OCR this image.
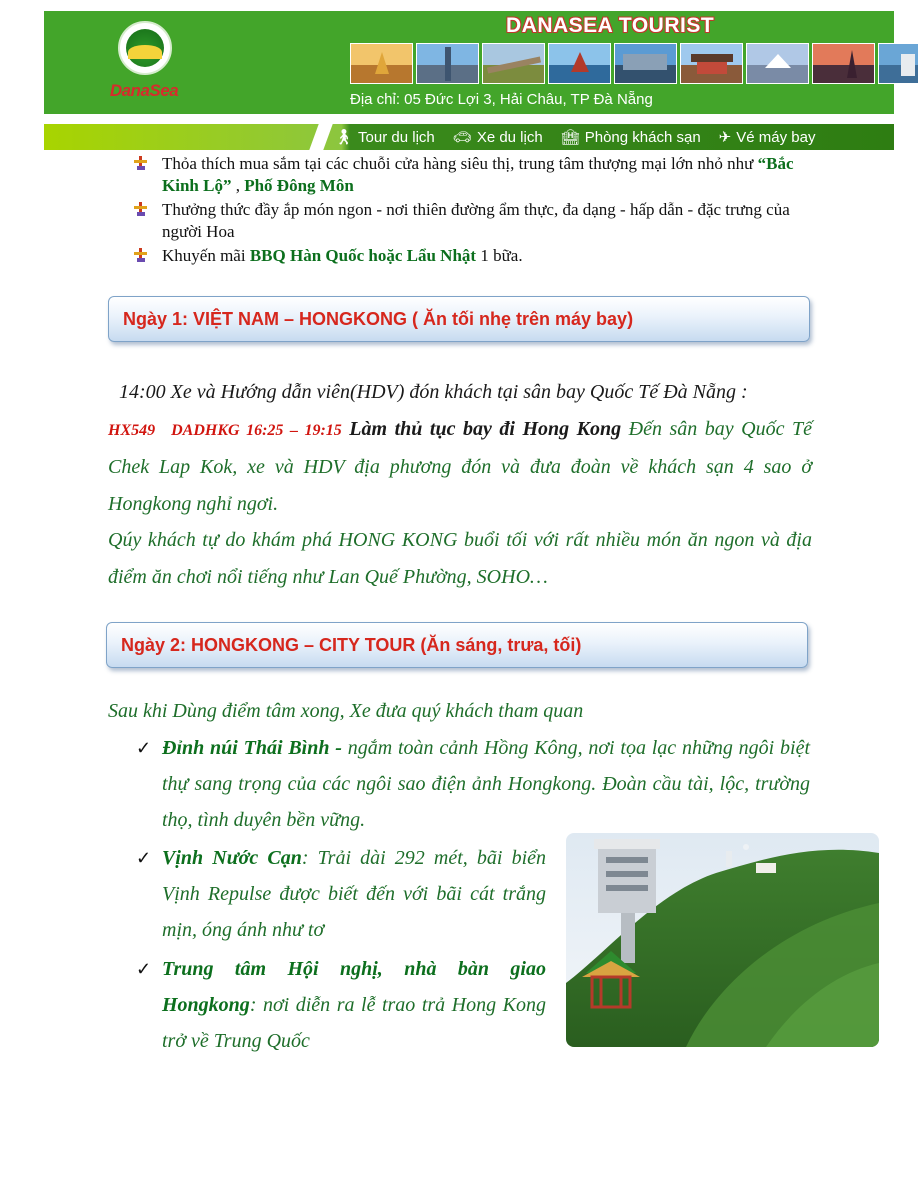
DanaSea
DANASEA TOURIST
Địa chỉ: 05 Đức Lợi 3, Hải Châu, TP Đà Nẵng
🚶︎ Tour du lịch 🚗︎ Xe du lịch 🏨︎ Phòng khách sạn ✈︎ Vé máy bay
Thỏa thích mua sắm tại các chuỗi cửa hàng siêu thị, trung tâm thượng mại lớn nhỏ như “Bắc Kinh Lộ” , Phố Đông Môn
Thưởng thức đầy ắp món ngon - nơi thiên đường ẩm thực, đa dạng - hấp dẫn - đặc trưng của người Hoa
Khuyến mãi BBQ Hàn Quốc hoặc Lẩu Nhật 1 bữa.
Ngày 1: VIỆT NAM – HONGKONG ( Ăn tối nhẹ trên máy bay)
14:00 Xe và Hướng dẫn viên(HDV) đón khách tại sân bay Quốc Tế Đà Nẵng :
HX549 DADHKG 16:25 – 19:15 Làm thủ tục bay đi Hong Kong Đến sân bay Quốc Tế Chek Lap Kok, xe và HDV địa phương đón và đưa đoàn về khách sạn 4 sao ở Hongkong nghỉ ngơi.
Qúy khách tự do khám phá HONG KONG buổi tối với rất nhiều món ăn ngon và địa điểm ăn chơi nổi tiếng như Lan Quế Phường, SOHO…
Ngày 2: HONGKONG – CITY TOUR (Ăn sáng, trưa, tối)
Sau khi Dùng điểm tâm xong, Xe đưa quý khách tham quan
✓ Đỉnh núi Thái Bình - ngắm toàn cảnh Hồng Kông, nơi tọa lạc những ngôi biệt thự sang trọng của các ngôi sao điện ảnh Hongkong. Đoàn cầu tài, lộc, trường thọ, tình duyên bền vững.
✓ Vịnh Nước Cạn: Trải dài 292 mét, bãi biển Vịnh Repulse được biết đến với bãi cát trắng mịn, óng ánh như tơ
✓ Trung tâm Hội nghị, nhà bàn giao Hongkong: nơi diễn ra lễ trao trả Hong Kong trở về Trung Quốc
